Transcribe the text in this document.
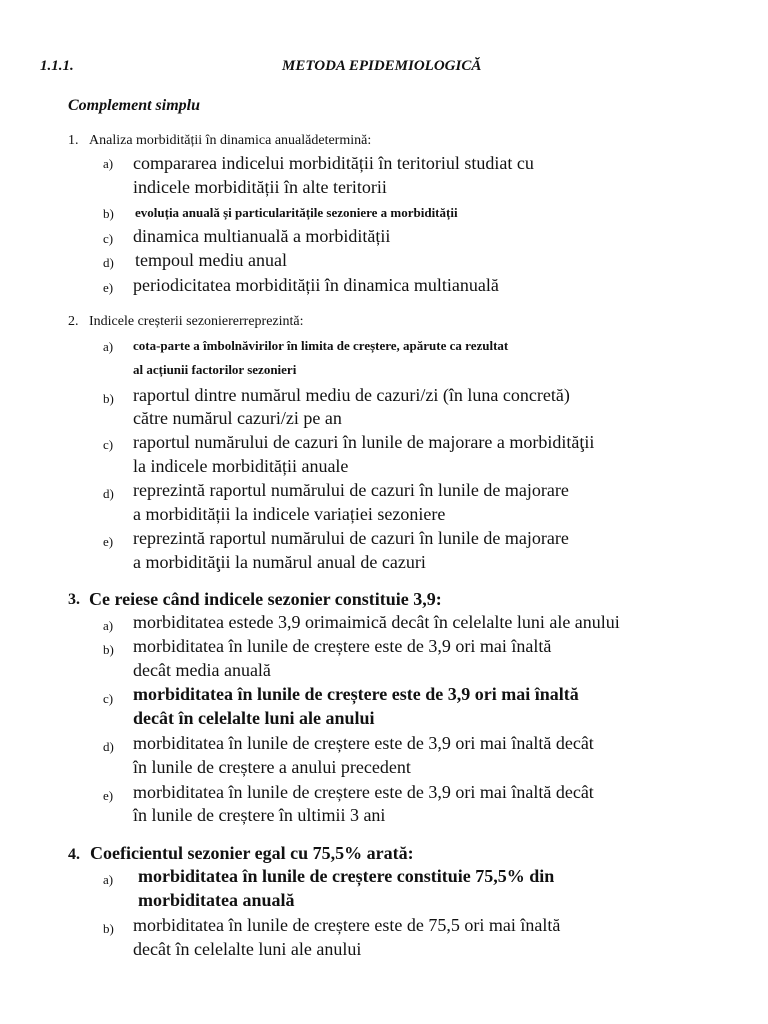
1.1.1.	METODA EPIDEMIOLOGICĂ
Complement simplu
1. Analiza morbidității în dinamica anualădetermină:
a) compararea indicelui morbidității în teritoriul studiat cu
indicele morbidității în alte teritorii
b) evoluția anuală și particularitățile sezoniere a morbidității
c) dinamica multianuală a morbidității
d) tempoul mediu anual
e) periodicitatea morbidității în dinamica multianuală
2. Indicele creșterii sezoniererreprezintă:
a) cota-parte a îmbolnăvirilor în limita de creștere, apărute ca rezultat
al acțiunii factorilor sezonieri
b) raportul dintre numărul mediu de cazuri/zi (în luna concretă)
către numărul cazuri/zi pe an
c) raportul numărului de cazuri în lunile de majorare a morbidităţii
la indicele morbidității anuale
d) reprezintă raportul numărului de cazuri în lunile de majorare
a morbidității la indicele variației sezoniere
e) reprezintă raportul numărului de cazuri în lunile de majorare
a morbidităţii la numărul anual de cazuri
3. Ce reiese când indicele sezonier constituie 3,9:
a) morbiditatea estede 3,9 orimaimică decât în celelalte luni ale anului
b) morbiditatea în lunile de creștere este de 3,9 ori mai înaltă
decât media anuală
c) morbiditatea în lunile de creștere este de 3,9 ori mai înaltă
decât în celelalte luni ale anului
d) morbiditatea în lunile de creștere este de 3,9 ori mai înaltă decât
în lunile de creștere a anului precedent
e) morbiditatea în lunile de creștere este de 3,9 ori mai înaltă decât
în lunile de creștere în ultimii 3 ani
4. Coeficientul sezonier egal cu 75,5% arată:
a) morbiditatea în lunile de creștere constituie 75,5% din
morbiditatea anuală
b) morbiditatea în lunile de creștere este de 75,5 ori mai înaltă
decât în celelalte luni ale anului
